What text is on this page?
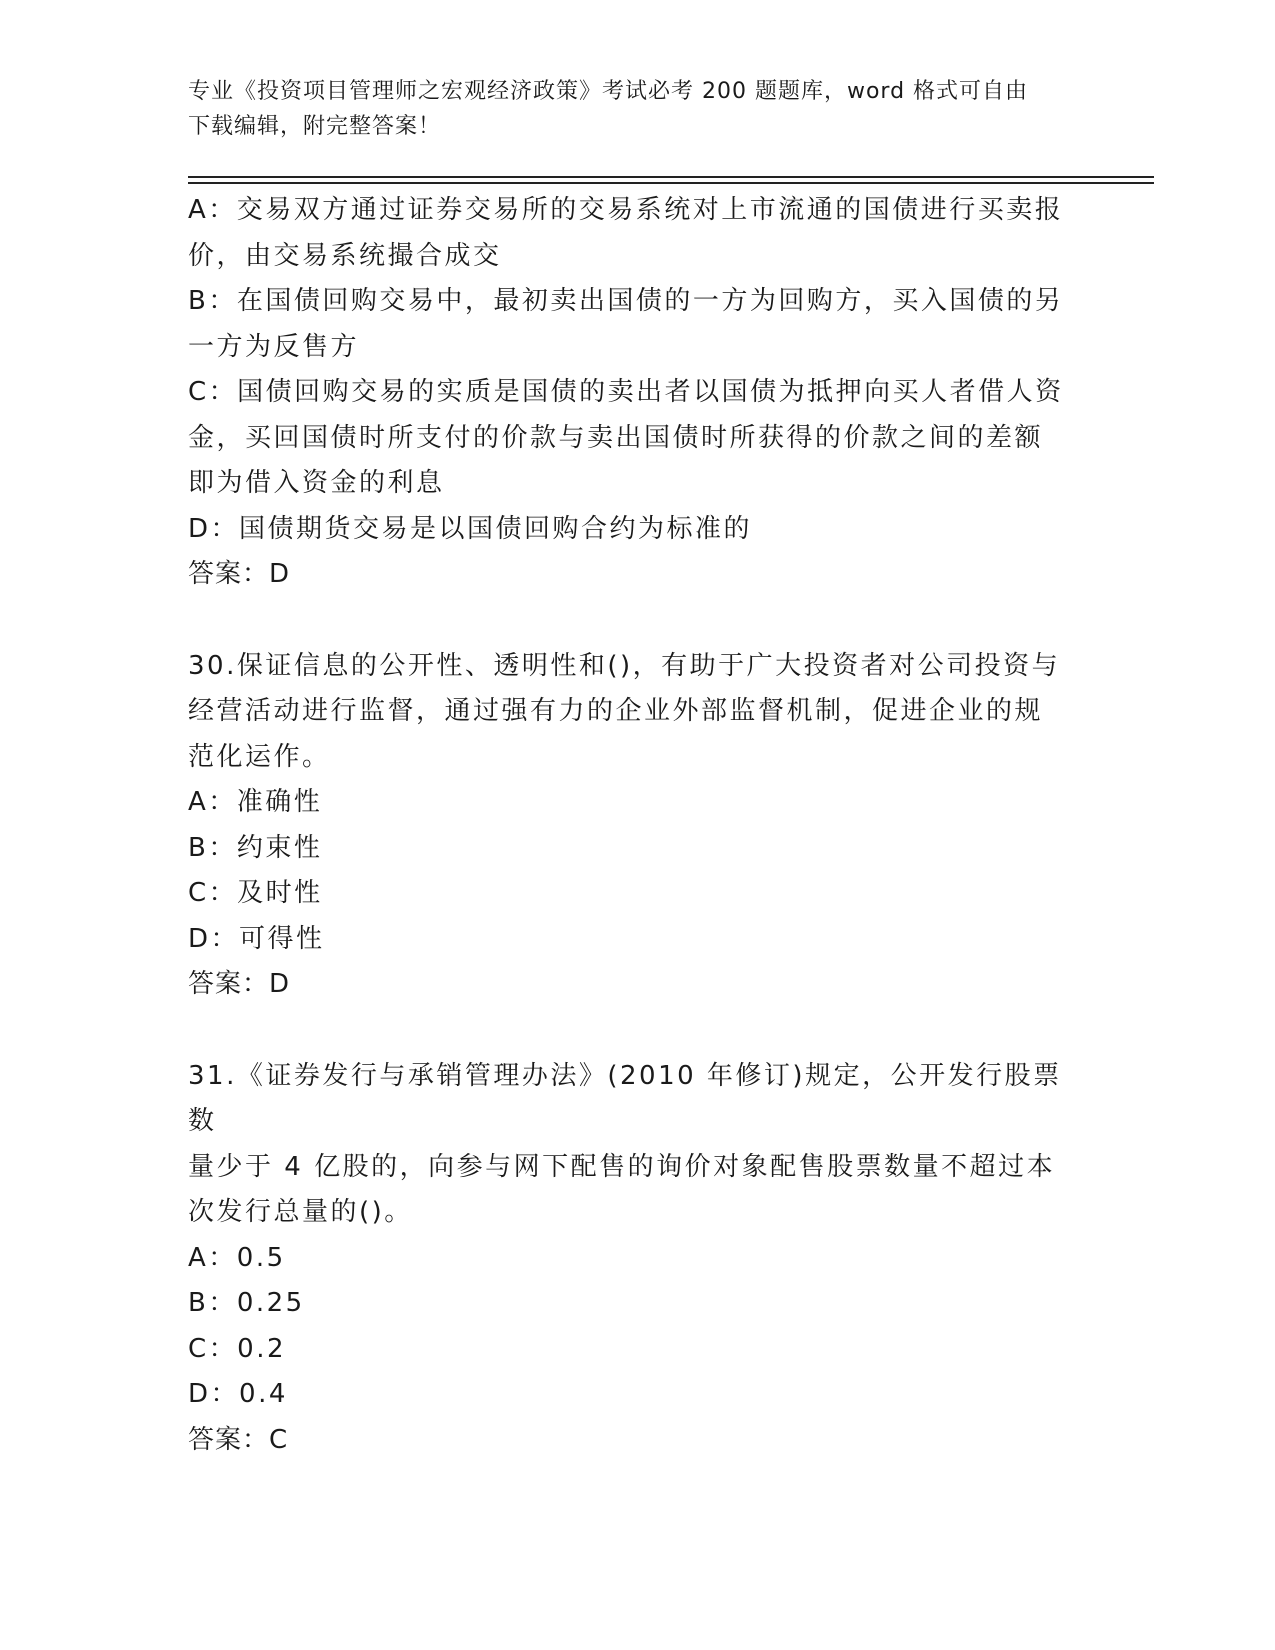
专业《投资项目管理师之宏观经济政策》考试必考 200 题题库，word 格式可自由
下载编辑，附完整答案！
A：交易双方通过证券交易所的交易系统对上市流通的国债进行买卖报
价，由交易系统撮合成交
B：在国债回购交易中，最初卖出国债的一方为回购方，买入国债的另
一方为反售方
C：国债回购交易的实质是国债的卖出者以国债为抵押向买人者借人资
金，买回国债时所支付的价款与卖出国债时所获得的价款之间的差额
即为借入资金的利息
D：国债期货交易是以国债回购合约为标准的
答案：D
30.保证信息的公开性、透明性和()，有助于广大投资者对公司投资与
经营活动进行监督，通过强有力的企业外部监督机制，促进企业的规
范化运作。
A：准确性
B：约束性
C：及时性
D：可得性
答案：D
31.《证券发行与承销管理办法》(2010 年修订)规定，公开发行股票数
量少于 4 亿股的，向参与网下配售的询价对象配售股票数量不超过本
次发行总量的()。
A：0.5
B：0.25
C：0.2
D：0.4
答案：C
